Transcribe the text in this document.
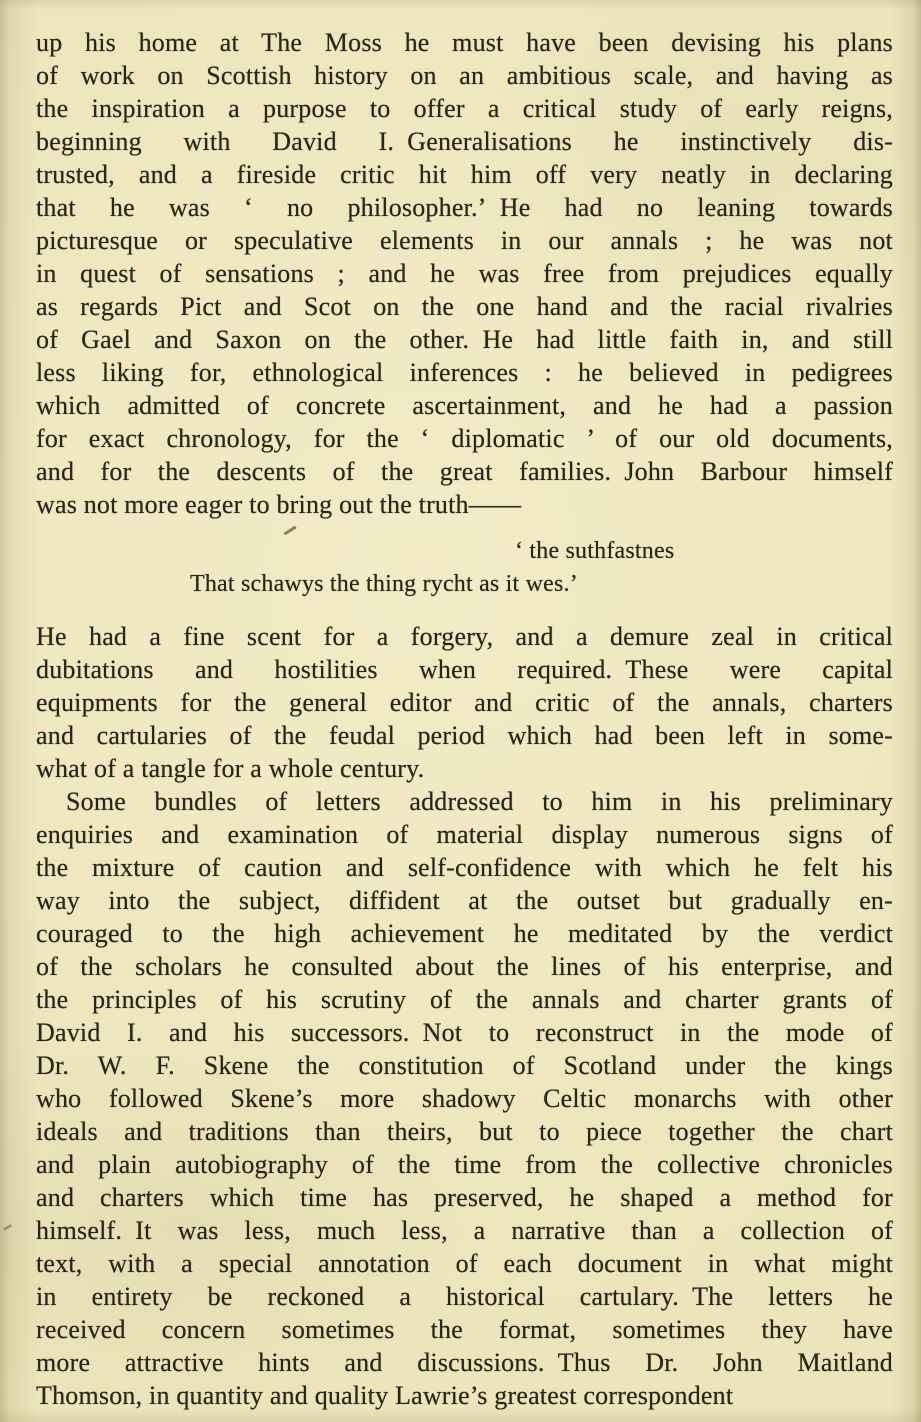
up his home at The Moss he must have been devising his plans
of work on Scottish history on an ambitious scale, and having as
the inspiration a purpose to offer a critical study of early reigns,
beginning with David I. Generalisations he instinctively dis-
trusted, and a fireside critic hit him off very neatly in declaring
that he was ‘ no philosopher.’ He had no leaning towards
picturesque or speculative elements in our annals ; he was not
in quest of sensations ; and he was free from prejudices equally
as regards Pict and Scot on the one hand and the racial rivalries
of Gael and Saxon on the other. He had little faith in, and still
less liking for, ethnological inferences : he believed in pedigrees
which admitted of concrete ascertainment, and he had a passion
for exact chronology, for the ‘ diplomatic ’ of our old documents,
and for the descents of the great families. John Barbour himself
was not more eager to bring out the truth——
‘ the suthfastnes
That schawys the thing rycht as it wes.’
He had a fine scent for a forgery, and a demure zeal in critical
dubitations and hostilities when required. These were capital
equipments for the general editor and critic of the annals, charters
and cartularies of the feudal period which had been left in some-
what of a tangle for a whole century.
Some bundles of letters addressed to him in his preliminary
enquiries and examination of material display numerous signs of
the mixture of caution and self-confidence with which he felt his
way into the subject, diffident at the outset but gradually en-
couraged to the high achievement he meditated by the verdict
of the scholars he consulted about the lines of his enterprise, and
the principles of his scrutiny of the annals and charter grants of
David I. and his successors. Not to reconstruct in the mode of
Dr. W. F. Skene the constitution of Scotland under the kings
who followed Skene’s more shadowy Celtic monarchs with other
ideals and traditions than theirs, but to piece together the chart
and plain autobiography of the time from the collective chronicles
and charters which time has preserved, he shaped a method for
himself. It was less, much less, a narrative than a collection of
text, with a special annotation of each document in what might
in entirety be reckoned a historical cartulary. The letters he
received concern sometimes the format, sometimes they have
more attractive hints and discussions. Thus Dr. John Maitland
Thomson, in quantity and quality Lawrie’s greatest correspondent
